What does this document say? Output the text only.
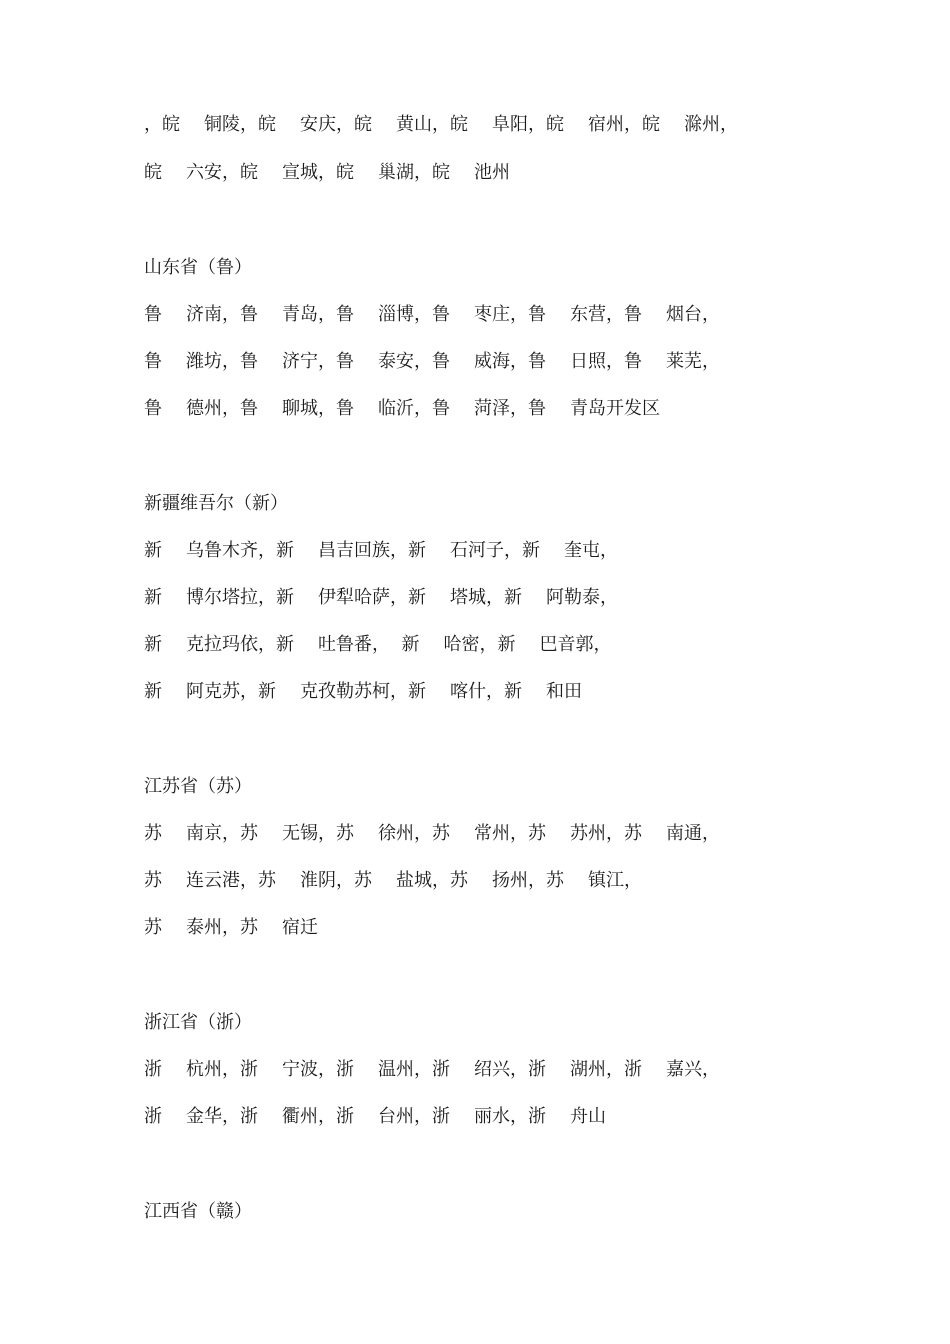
，皖 铜陵，皖 安庆，皖 黄山，皖 阜阳，皖 宿州，皖 滁州，
皖 六安，皖 宣城，皖 巢湖，皖 池州
山东省（鲁）
鲁 济南，鲁 青岛，鲁 淄博，鲁 枣庄，鲁 东营，鲁 烟台，
鲁 潍坊，鲁 济宁，鲁 泰安，鲁 威海，鲁 日照，鲁 莱芜，
鲁 德州，鲁 聊城，鲁 临沂，鲁 菏泽，鲁 青岛开发区
新疆维吾尔（新）
新 乌鲁木齐，新 昌吉回族，新 石河子，新 奎屯，
新 博尔塔拉，新 伊犁哈萨，新 塔城，新 阿勒泰，
新 克拉玛依，新 吐鲁番，  新 哈密，新 巴音郭，
新 阿克苏，新 克孜勒苏柯，新 喀什，新 和田
江苏省（苏）
苏 南京，苏 无锡，苏 徐州，苏 常州，苏 苏州，苏 南通，
苏 连云港，苏 淮阴，苏 盐城，苏 扬州，苏 镇江，
苏 泰州，苏 宿迁
浙江省（浙）
浙 杭州，浙 宁波，浙 温州，浙 绍兴，浙 湖州，浙 嘉兴，
浙 金华，浙 衢州，浙 台州，浙 丽水，浙 舟山
江西省（赣）
